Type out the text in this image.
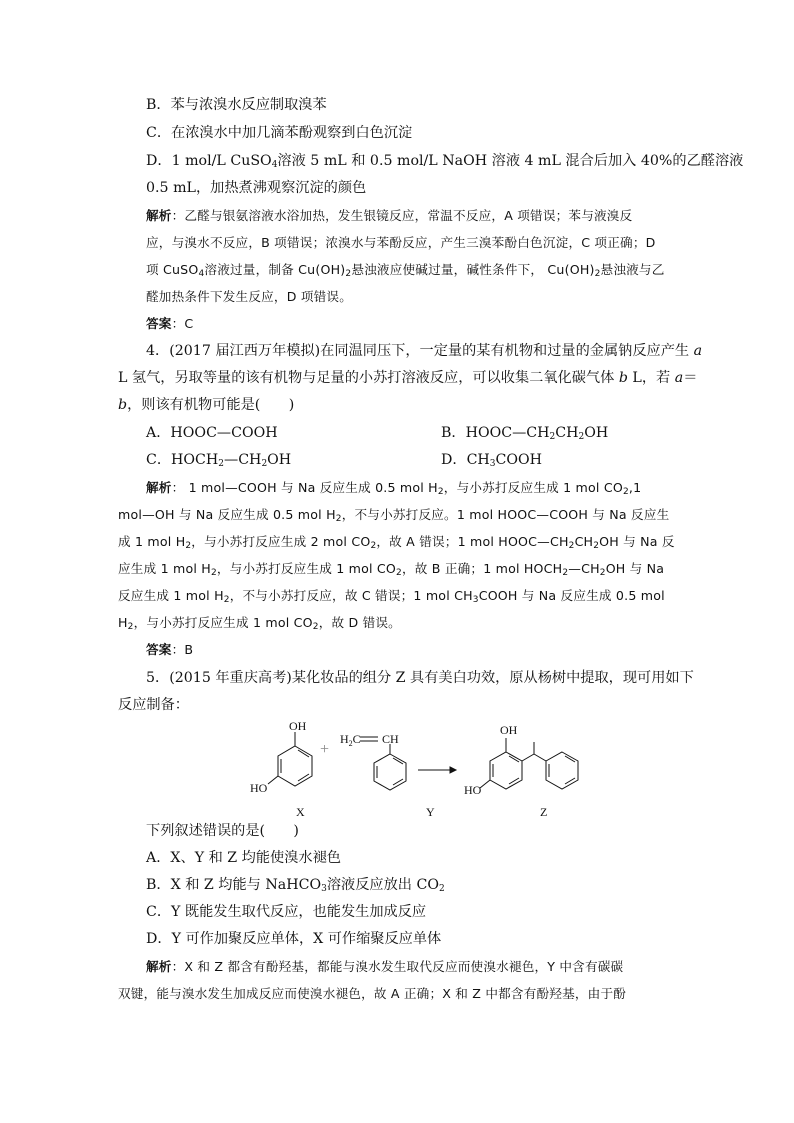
B．苯与浓溴水反应制取溴苯
C．在浓溴水中加几滴苯酚观察到白色沉淀
D．1 mol/L CuSO$_4$溶液 5 mL 和 0.5 mol/L NaOH 溶液 4 mL 混合后加入 40%的乙醛溶液
0.5 mL，加热煮沸观察沉淀的颜色
解析：乙醛与银氨溶液水浴加热，发生银镜反应，常温不反应，A 项错误；苯与液溴反
应，与溴水不反应，B 项错误；浓溴水与苯酚反应，产生三溴苯酚白色沉淀，C 项正确；D
项 CuSO$_4$溶液过量，制备 $Cu(OH)_2$悬浊液应使碱过量，碱性条件下， $Cu(OH)_2$悬浊液与乙
醛加热条件下发生反应，D 项错误。
答案：C
4．(2017 届江西万年模拟)在同温同压下，一定量的某有机物和过量的金属钠反应产生 a
L 氢气，另取等量的该有机物与足量的小苏打溶液反应，可以收集二氧化碳气体 b L，若 a＝
b，则该有机物可能是(　　)
A．HOOC—COOH	B．$HOOC—CH_2CH_2OH$
C．$HOCH_2—CH_2OH$	D．$CH_3COOH$
解析： 1 mol—COOH 与 Na 反应生成 0.5 mol $H_2$，与小苏打反应生成 1 mol $CO_2,1$
mol—OH 与 Na 反应生成 0.5 mol $H_2$，不与小苏打反应。1 mol HOOC—COOH 与 Na 反应生
成 1 mol $H_2$，与小苏打反应生成 2 mol $CO_2$，故 A 错误；1 mol $HOOC—CH_2CH_2OH$ 与 Na 反
应生成 1 mol $H_2$，与小苏打反应生成 1 mol $CO_2$，故 B 正确；1 mol $HOCH_2—CH_2OH$ 与 Na
反应生成 1 mol $H_2$，不与小苏打反应，故 C 错误；1 mol $CH_3COOH$ 与 Na 反应生成 0.5 mol
$H_2$，与小苏打反应生成 1 mol $CO_2$，故 D 错误。
答案：B
5．(2015 年重庆高考)某化妆品的组分 Z 具有美白功效，原从杨树中提取，现可用如下
反应制备：
OH
HO
X
+
$H_2C$ CH
Y
OH
HO
Z
下列叙述错误的是(　　)
A．X、Y 和 Z 均能使溴水褪色
B．X 和 Z 均能与 NaHCO$_3$溶液反应放出 $CO_2$
C．Y 既能发生取代反应，也能发生加成反应
D．Y 可作加聚反应单体，X 可作缩聚反应单体
解析：X 和 Z 都含有酚羟基，都能与溴水发生取代反应而使溴水褪色，Y 中含有碳碳
双键，能与溴水发生加成反应而使溴水褪色，故 A 正确；X 和 Z 中都含有酚羟基，由于酚
